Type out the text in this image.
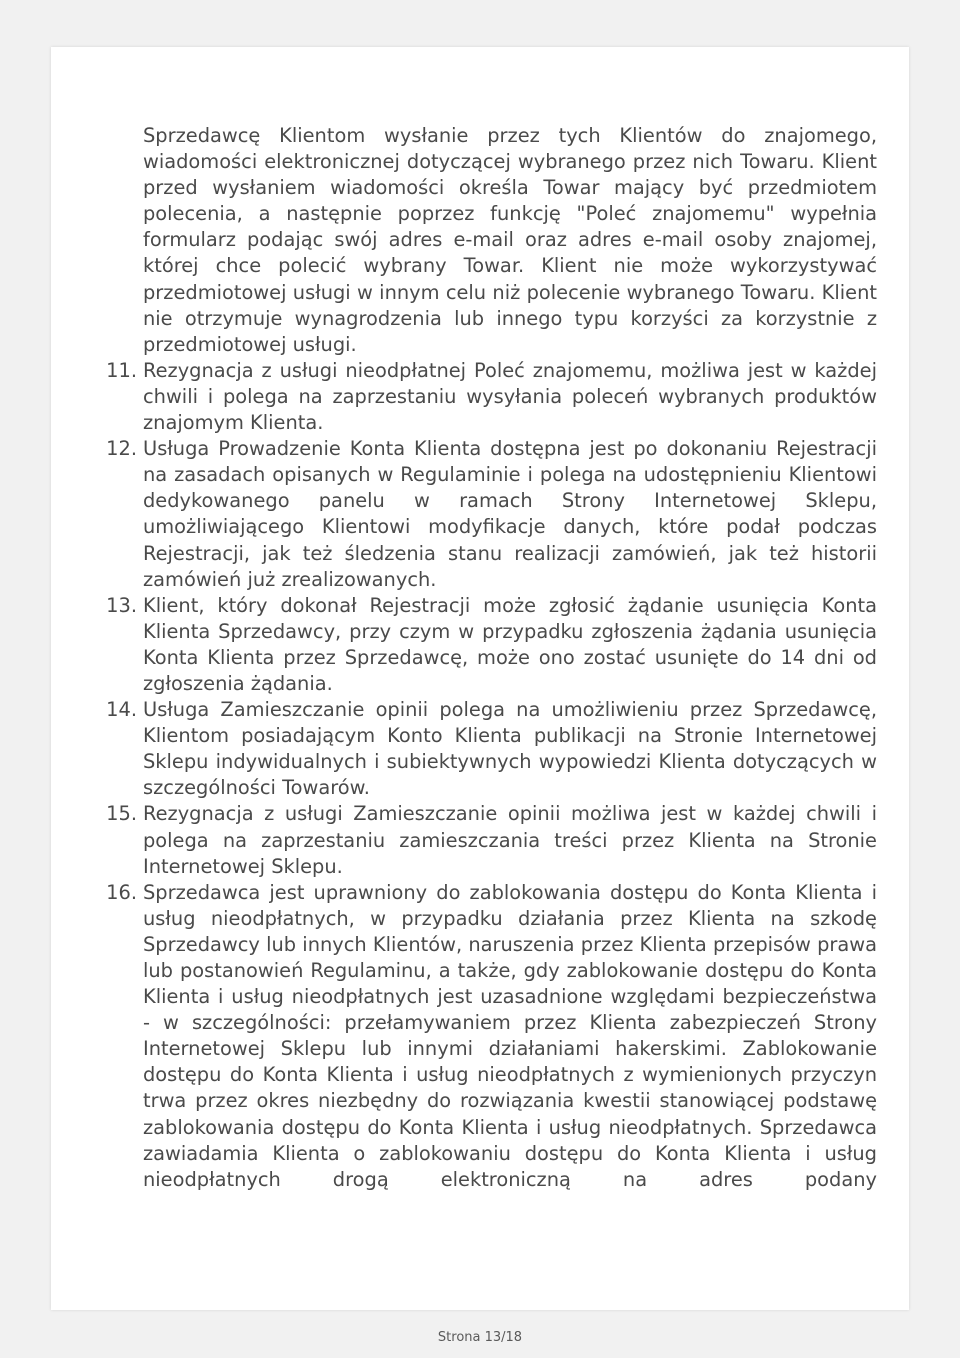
Sprzedawcę Klientom wysłanie przez tych Klientów do znajomego, wiadomości elektronicznej dotyczącej wybranego przez nich Towaru. Klient przed wysłaniem wiadomości określa Towar mający być przedmiotem polecenia, a następnie poprzez funkcję "Poleć znajomemu" wypełnia formularz podając swój adres e-mail oraz adres e-mail osoby znajomej, której chce polecić wybrany Towar. Klient nie może wykorzystywać przedmiotowej usługi w innym celu niż polecenie wybranego Towaru. Klient nie otrzymuje wynagrodzenia lub innego typu korzyści za korzystnie z przedmiotowej usługi.

11. Rezygnacja z usługi nieodpłatnej Poleć znajomemu, możliwa jest w każdej chwili i polega na zaprzestaniu wysyłania poleceń wybranych produktów znajomym Klienta.
12. Usługa Prowadzenie Konta Klienta dostępna jest po dokonaniu Rejestracji na zasadach opisanych w Regulaminie i polega na udostępnieniu Klientowi dedykowanego panelu w ramach Strony Internetowej Sklepu, umożliwiającego Klientowi modyfikacje danych, które podał podczas Rejestracji, jak też śledzenia stanu realizacji zamówień, jak też historii zamówień już zrealizowanych.
13. Klient, który dokonał Rejestracji może zgłosić żądanie usunięcia Konta Klienta Sprzedawcy, przy czym w przypadku zgłoszenia żądania usunięcia Konta Klienta przez Sprzedawcę, może ono zostać usunięte do 14 dni od zgłoszenia żądania.
14. Usługa Zamieszczanie opinii polega na umożliwieniu przez Sprzedawcę, Klientom posiadającym Konto Klienta publikacji na Stronie Internetowej Sklepu indywidualnych i subiektywnych wypowiedzi Klienta dotyczących w szczególności Towarów.
15. Rezygnacja z usługi Zamieszczanie opinii możliwa jest w każdej chwili i polega na zaprzestaniu zamieszczania treści przez Klienta na Stronie Internetowej Sklepu.
16. Sprzedawca jest uprawniony do zablokowania dostępu do Konta Klienta i usług nieodpłatnych, w przypadku działania przez Klienta na szkodę Sprzedawcy lub innych Klientów, naruszenia przez Klienta przepisów prawa lub postanowień Regulaminu, a także, gdy zablokowanie dostępu do Konta Klienta i usług nieodpłatnych jest uzasadnione względami bezpieczeństwa - w szczególności: przełamywaniem przez Klienta zabezpieczeń Strony Internetowej Sklepu lub innymi działaniami hakerskimi. Zablokowanie dostępu do Konta Klienta i usług nieodpłatnych z wymienionych przyczyn trwa przez okres niezbędny do rozwiązania kwestii stanowiącej podstawę zablokowania dostępu do Konta Klienta i usług nieodpłatnych. Sprzedawca zawiadamia Klienta o zablokowaniu dostępu do Konta Klienta i usług nieodpłatnych drogą elektroniczną na adres podany
Strona 13/18
